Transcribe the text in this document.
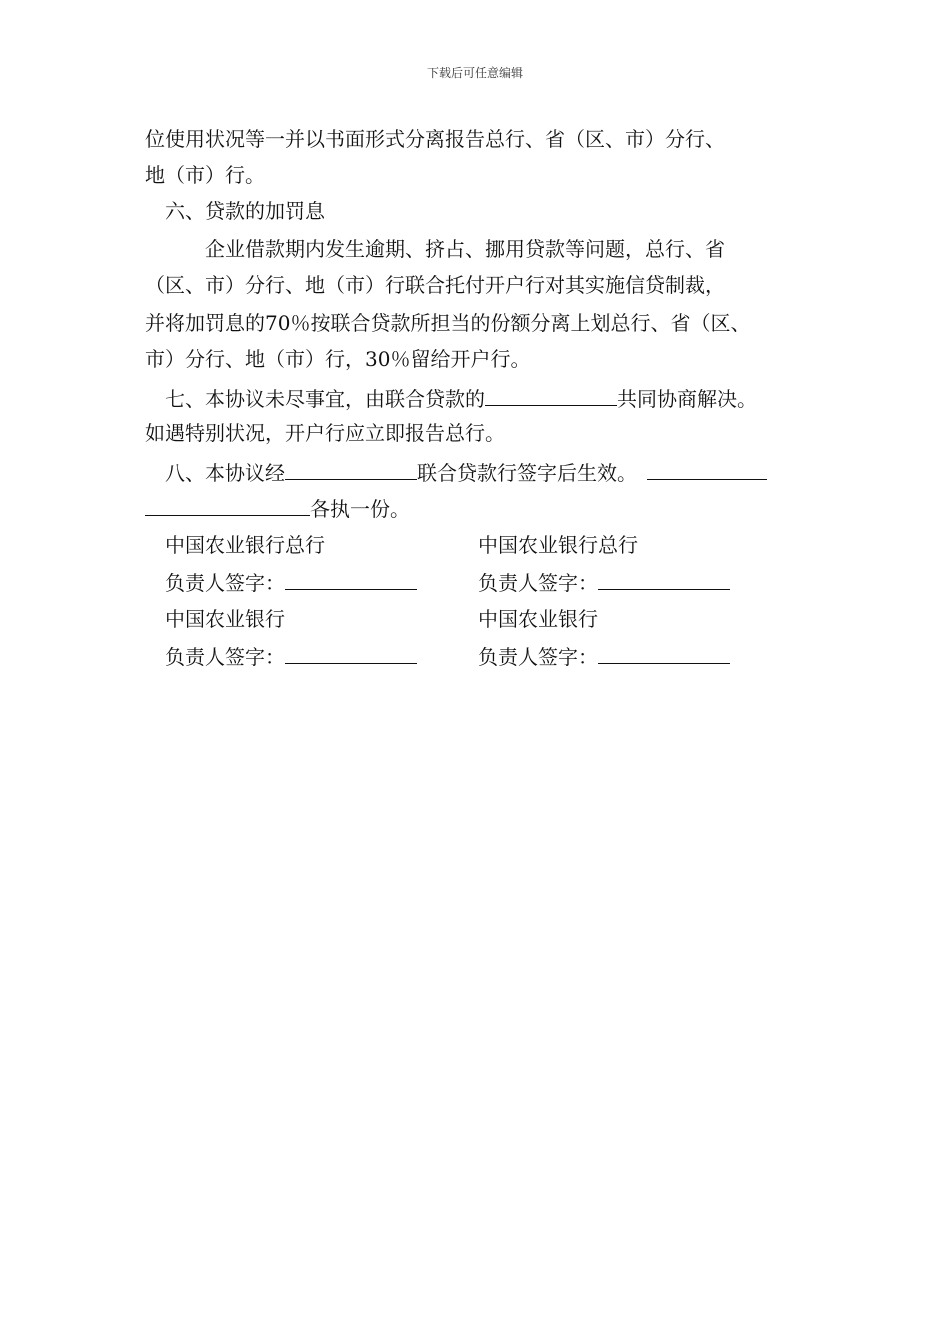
下载后可任意编辑
位使用状况等一并以书面形式分离报告总行、省（区、市）分行、
地（市）行。
六、贷款的加罚息
企业借款期内发生逾期、挤占、挪用贷款等问题，总行、省
（区、市）分行、地（市）行联合托付开户行对其实施信贷制裁，
并将加罚息的70％按联合贷款所担当的份额分离上划总行、省（区、
市）分行、地（市）行，30％留给开户行。
七、本协议未尽事宜，由联合贷款的	共同协商解决。
如遇特别状况，开户行应立即报告总行。
八、本协议经	联合贷款行签字后生效。
各执一份。
中国农业银行总行	中国农业银行总行
负责人签字：	负责人签字：
中国农业银行	中国农业银行
负责人签字：	负责人签字：
